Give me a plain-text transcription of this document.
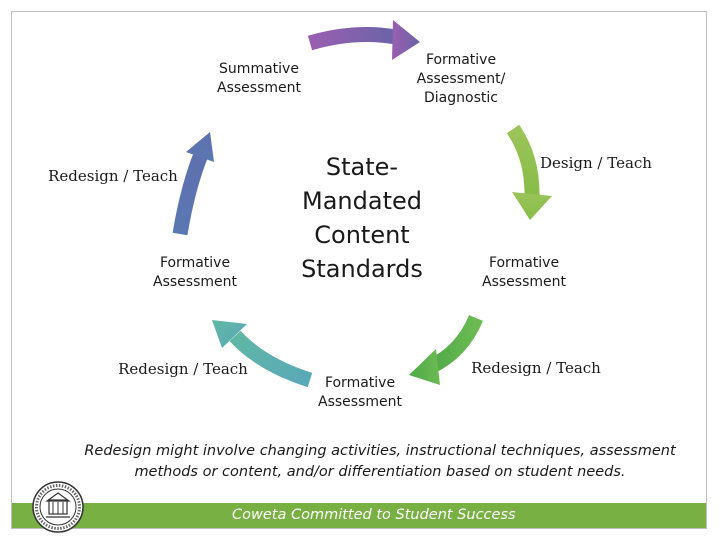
Summative
Assessment
Formative
Assessment/
Diagnostic
Design / Teach
Formative
Assessment
Redesign / Teach
Formative
Assessment
Redesign / Teach
Formative
Assessment
Redesign / Teach	State-
Mandated
Content
Standards
Redesign might involve changing activities, instructional techniques, assessment
methods or content, and/or differentiation based on student needs.
Coweta Committed to Student Success
